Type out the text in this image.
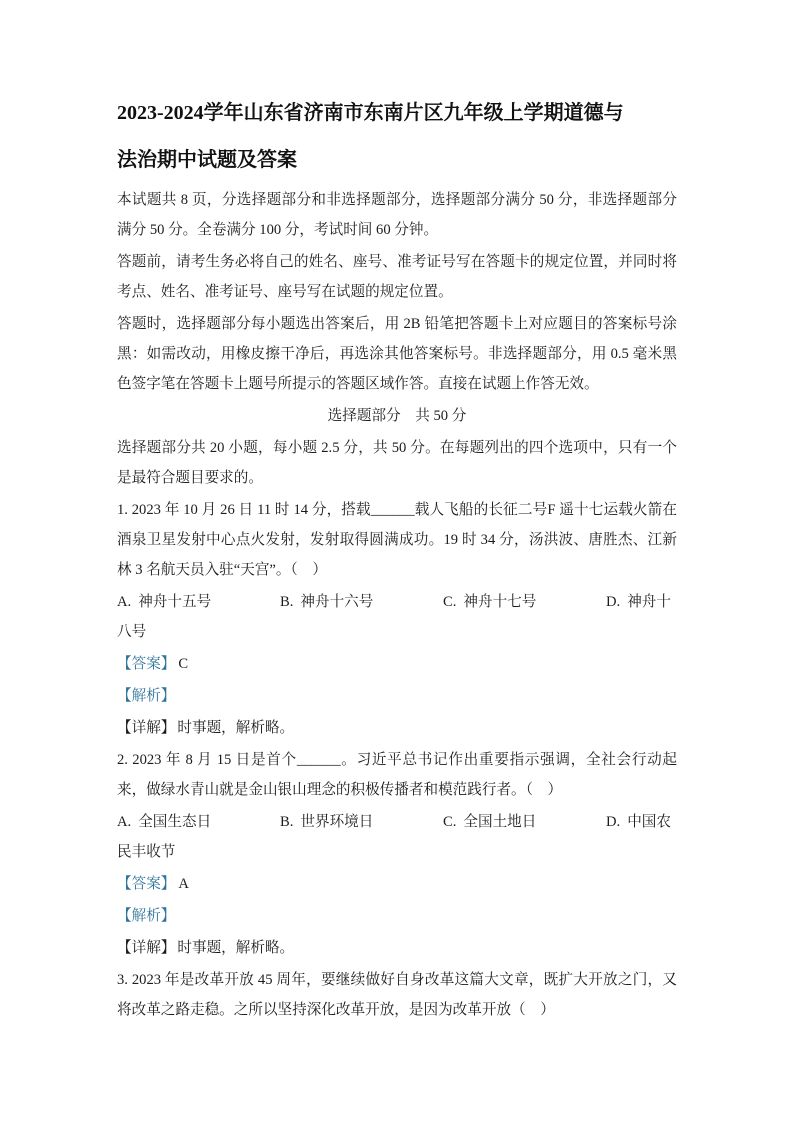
2023-2024学年山东省济南市东南片区九年级上学期道德与
法治期中试题及答案

本试题共 8 页，分选择题部分和非选择题部分，选择题部分满分 50 分，非选择题部分满分 50 分。全卷满分 100 分，考试时间 60 分钟。

答题前，请考生务必将自己的姓名、座号、准考证号写在答题卡的规定位置，并同时将考点、姓名、准考证号、座号写在试题的规定位置。

答题时，选择题部分每小题选出答案后，用 2B 铅笔把答题卡上对应题目的答案标号涂黑：如需改动，用橡皮擦干净后，再选涂其他答案标号。非选择题部分，用 0.5 毫米黑色签字笔在答题卡上题号所提示的答题区域作答。直接在试题上作答无效。

选择题部分　共 50 分

选择题部分共 20 小题，每小题 2.5 分，共 50 分。在每题列出的四个选项中，只有一个是最符合题目要求的。

1. 2023 年 10 月 26 日 11 时 14 分，搭载______载人飞船的长征二号F 遥十七运载火箭在酒泉卫星发射中心点火发射，发射取得圆满成功。19 时 34 分，汤洪波、唐胜杰、江新林 3 名航天员入驻“天宫”。（　）

A. 神舟十五号	B. 神舟十六号	C. 神舟十七号	D. 神舟十八号

【答案】 C

【解析】

【详解】 时事题，解析略。

2. 2023 年 8 月 15 日是首个______。习近平总书记作出重要指示强调，全社会行动起来，做绿水青山就是金山银山理念的积极传播者和模范践行者。（　）

A. 全国生态日	B. 世界环境日	C. 全国土地日	D. 中国农民丰收节

【答案】 A

【解析】

【详解】 时事题，解析略。

3. 2023 年是改革开放 45 周年，要继续做好自身改革这篇大文章，既扩大开放之门，又将改革之路走稳。之所以坚持深化改革开放，是因为改革开放（　）
